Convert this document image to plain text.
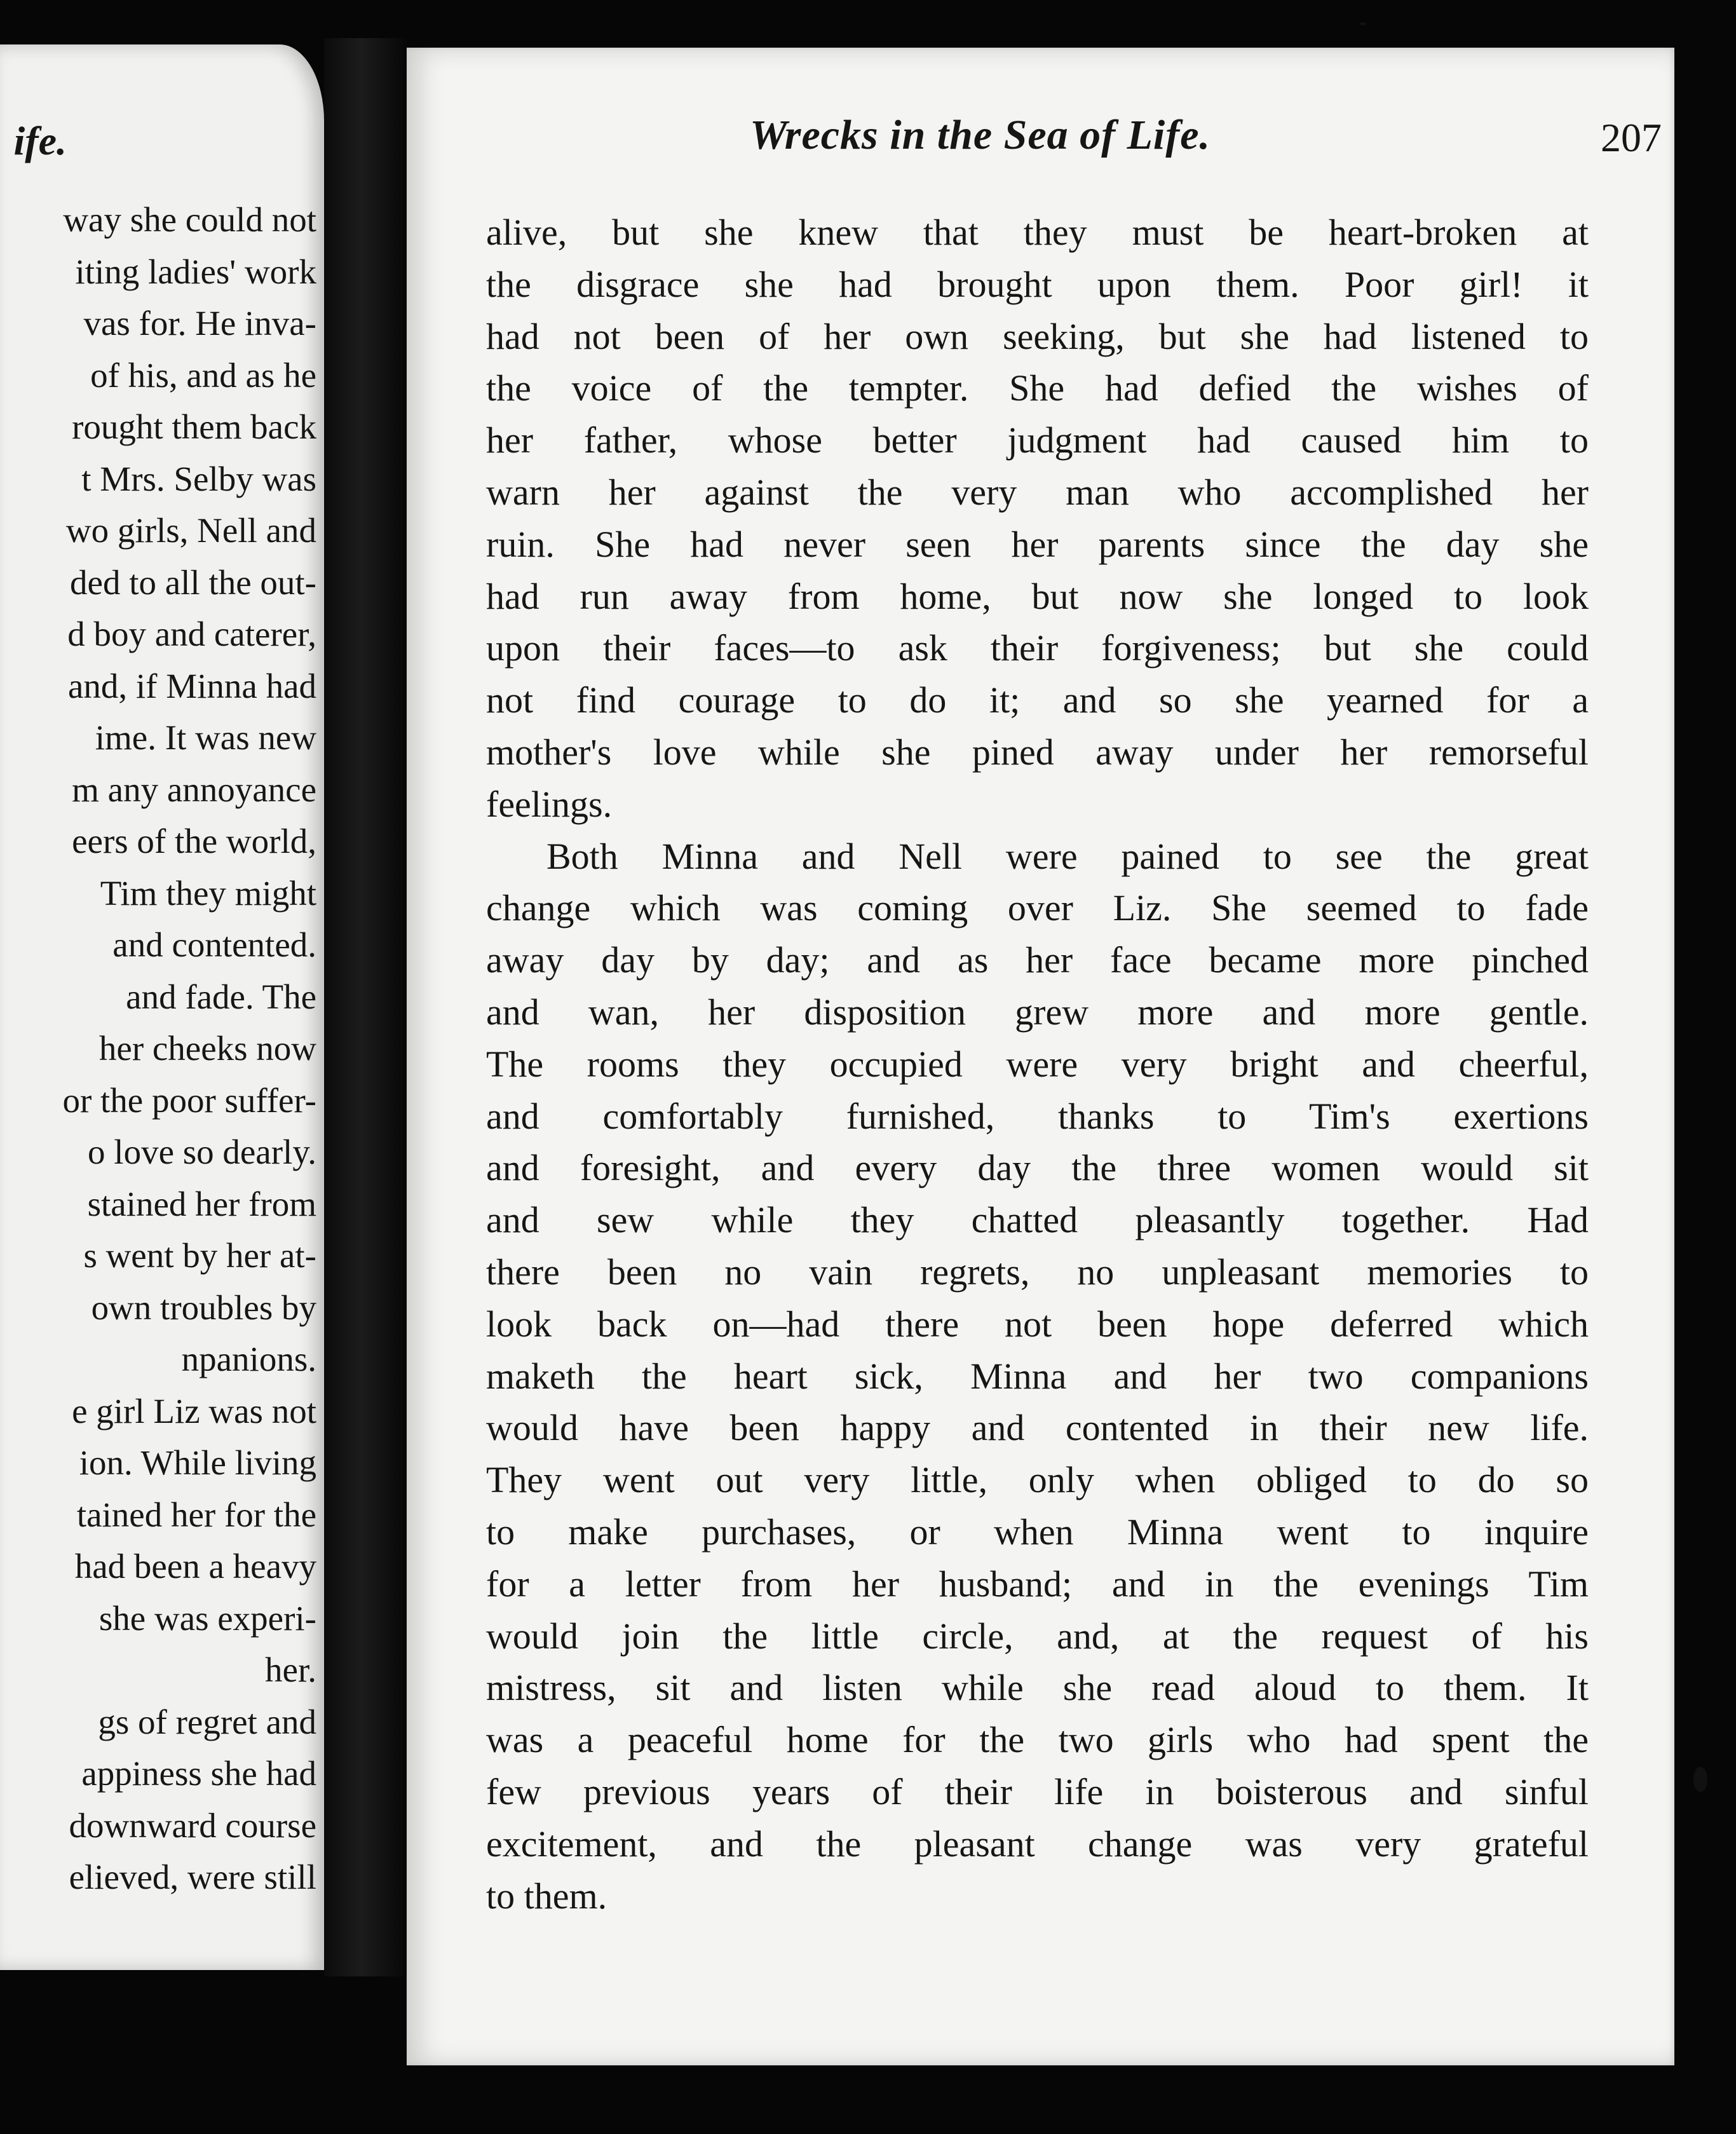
ife.
way she could not
iting ladies' work
vas for. He inva-
of his, and as he
rought them back
t Mrs. Selby was
wo girls, Nell and
ded to all the out-
d boy and caterer,
and, if Minna had
ime. It was new
m any annoyance
eers of the world,
Tim they might
and contented.
and fade. The
her cheeks now
or the poor suffer-
o love so dearly.
stained her from
s went by her at-
own troubles by
npanions.
e girl Liz was not
ion. While living
tained her for the
had been a heavy
she was experi-
her.
gs of regret and
appiness she had
downward course
elieved, were still
Wrecks in the Sea of Life.	207
alive, but she knew that they must be heart-broken at
the disgrace she had brought upon them. Poor girl! it
had not been of her own seeking, but she had listened to
the voice of the tempter. She had defied the wishes of
her father, whose better judgment had caused him to
warn her against the very man who accomplished her
ruin. She had never seen her parents since the day she
had run away from home, but now she longed to look
upon their faces—to ask their forgiveness; but she could
not find courage to do it; and so she yearned for a
mother's love while she pined away under her remorseful
feelings.
Both Minna and Nell were pained to see the great
change which was coming over Liz. She seemed to fade
away day by day; and as her face became more pinched
and wan, her disposition grew more and more gentle.
The rooms they occupied were very bright and cheerful,
and comfortably furnished, thanks to Tim's exertions
and foresight, and every day the three women would sit
and sew while they chatted pleasantly together. Had
there been no vain regrets, no unpleasant memories to
look back on—had there not been hope deferred which
maketh the heart sick, Minna and her two companions
would have been happy and contented in their new life.
They went out very little, only when obliged to do so
to make purchases, or when Minna went to inquire
for a letter from her husband; and in the evenings Tim
would join the little circle, and, at the request of his
mistress, sit and listen while she read aloud to them. It
was a peaceful home for the two girls who had spent the
few previous years of their life in boisterous and sinful
excitement, and the pleasant change was very grateful
to them.
